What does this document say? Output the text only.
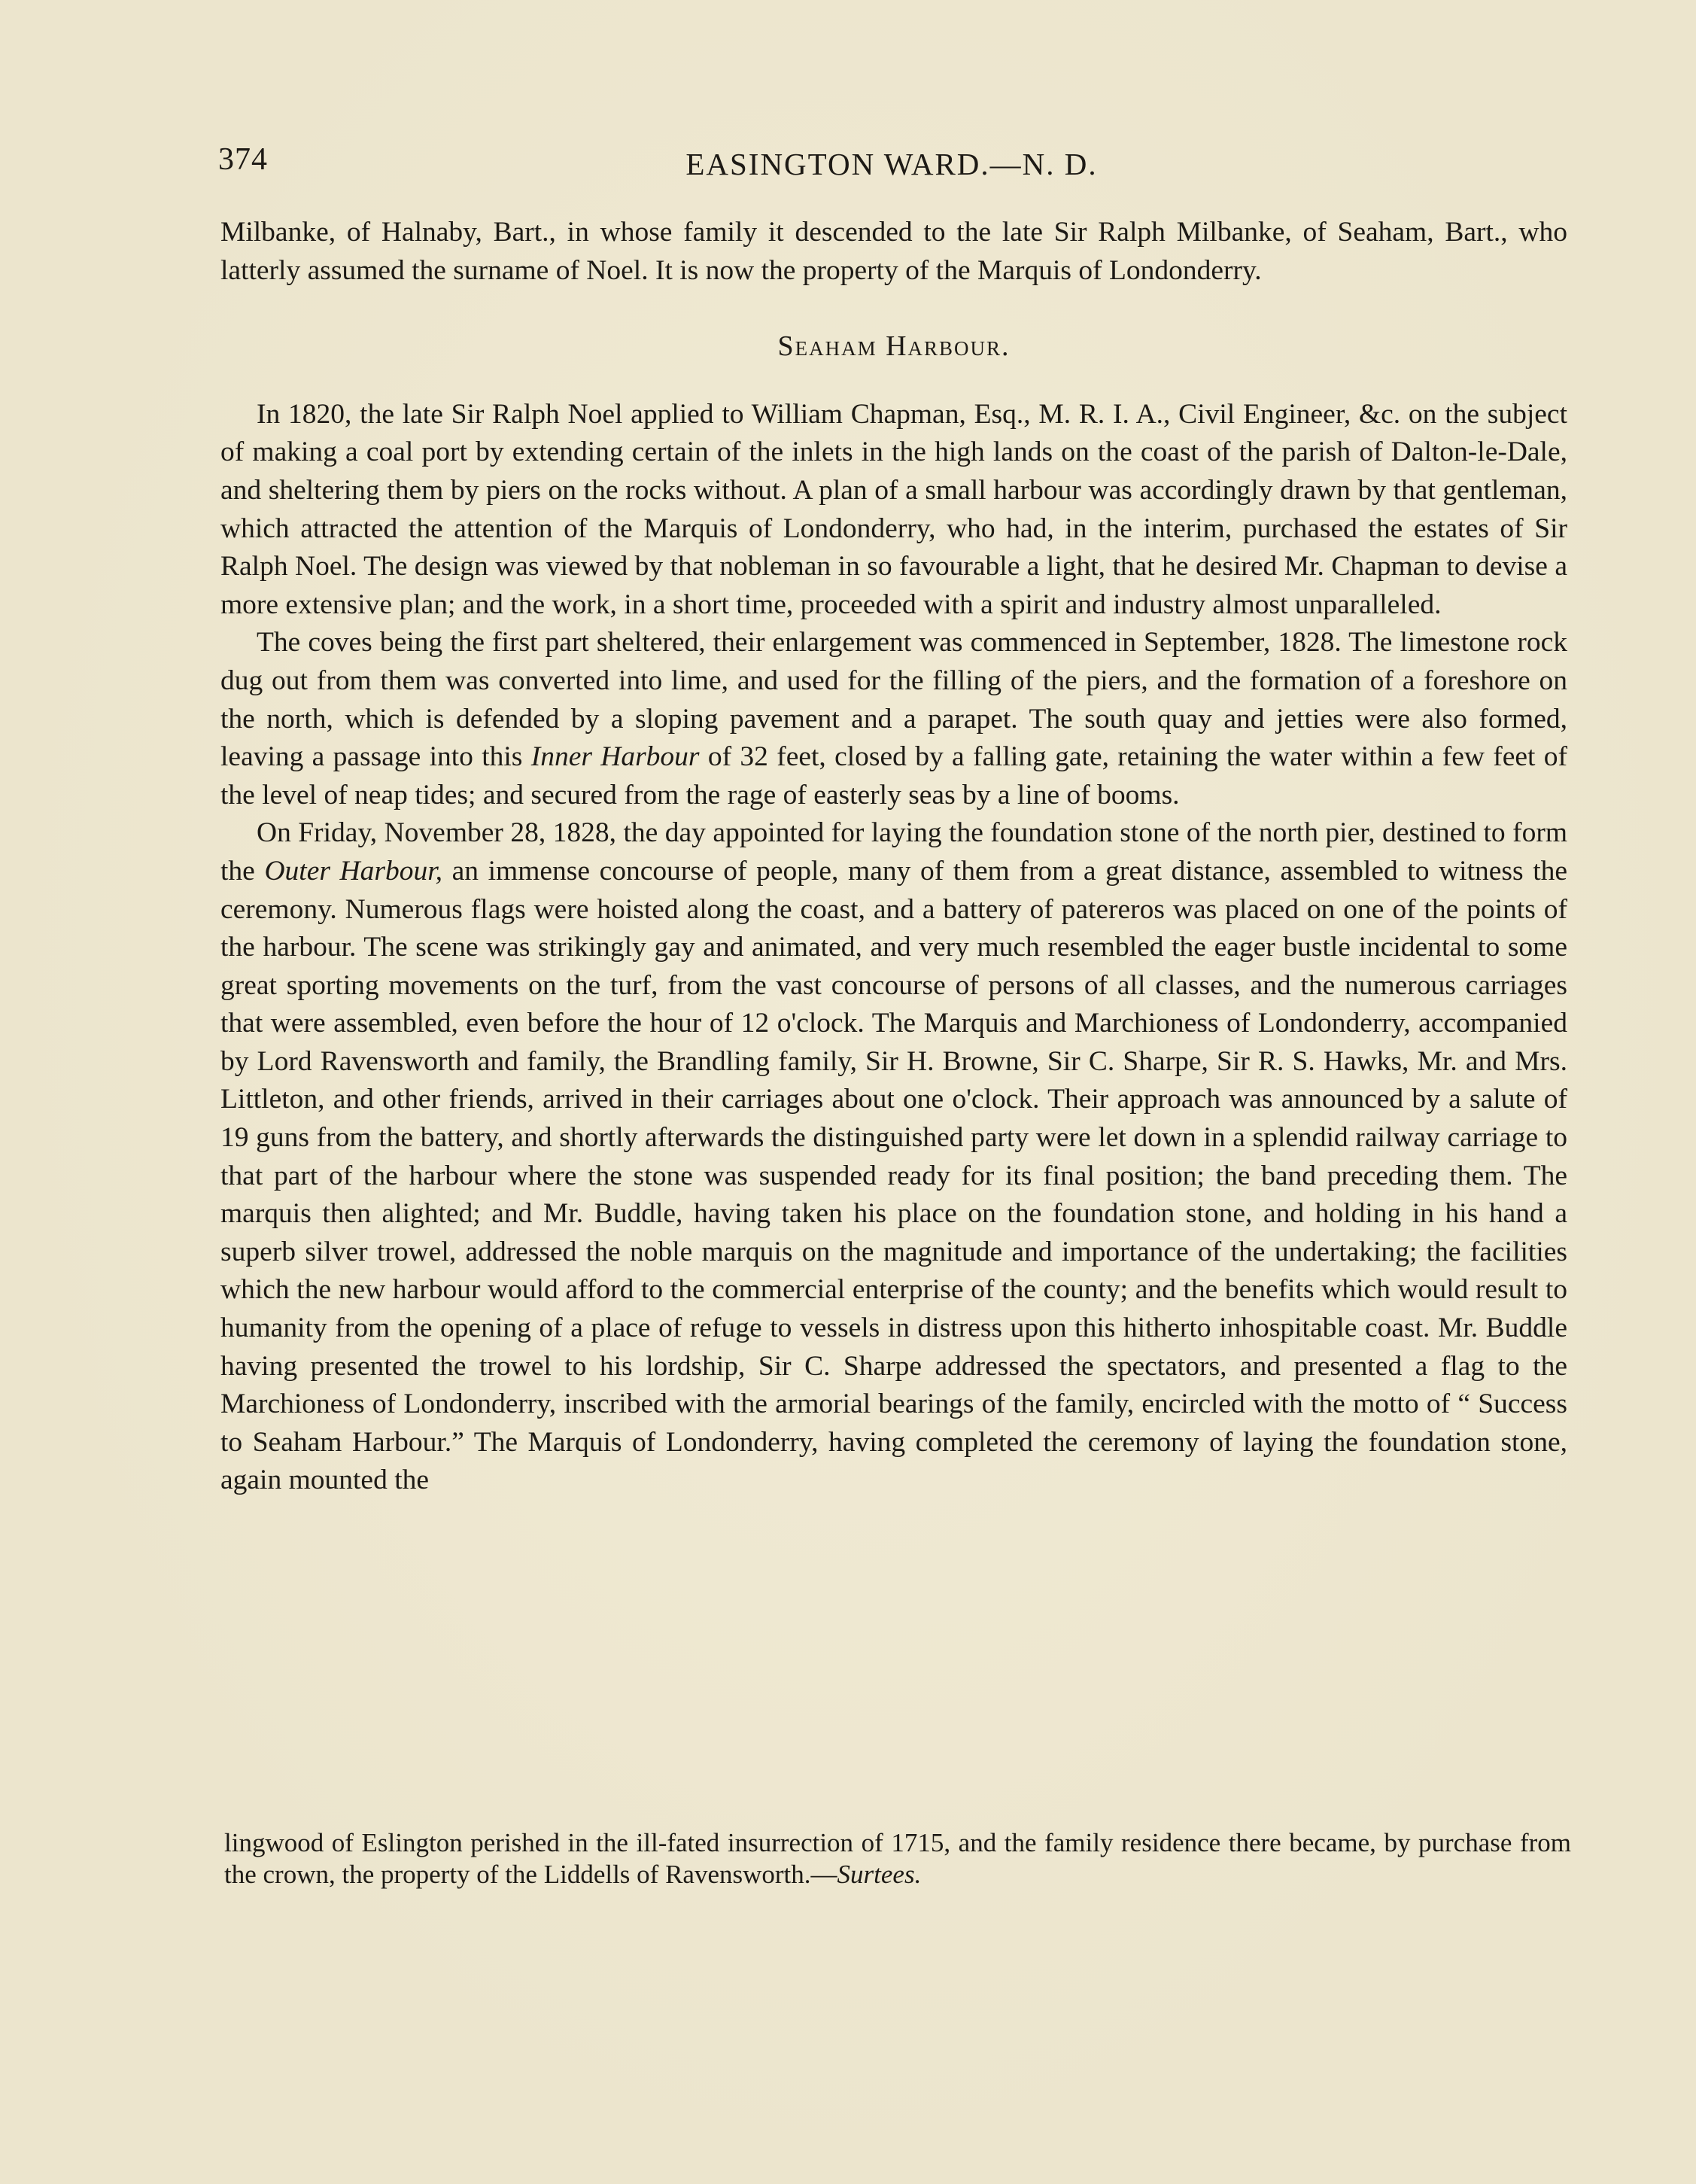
374	EASINGTON WARD.—N. D.

Milbanke, of Halnaby, Bart., in whose family it descended to the late Sir Ralph Milbanke, of Seaham, Bart., who latterly assumed the surname of Noel. It is now the property of the Marquis of Londonderry.

Seaham Harbour.

In 1820, the late Sir Ralph Noel applied to William Chapman, Esq., M. R. I. A., Civil Engineer, &c. on the subject of making a coal port by extending certain of the inlets in the high lands on the coast of the parish of Dalton-le-Dale, and sheltering them by piers on the rocks without. A plan of a small harbour was accordingly drawn by that gentleman, which attracted the attention of the Marquis of Londonderry, who had, in the interim, purchased the estates of Sir Ralph Noel. The design was viewed by that nobleman in so favourable a light, that he desired Mr. Chapman to devise a more extensive plan; and the work, in a short time, proceeded with a spirit and industry almost unparalleled.

The coves being the first part sheltered, their enlargement was commenced in September, 1828. The limestone rock dug out from them was converted into lime, and used for the filling of the piers, and the formation of a foreshore on the north, which is defended by a sloping pavement and a parapet. The south quay and jetties were also formed, leaving a passage into this Inner Harbour of 32 feet, closed by a falling gate, retaining the water within a few feet of the level of neap tides; and secured from the rage of easterly seas by a line of booms.

On Friday, November 28, 1828, the day appointed for laying the foundation stone of the north pier, destined to form the Outer Harbour, an immense concourse of people, many of them from a great distance, assembled to witness the ceremony. Numerous flags were hoisted along the coast, and a battery of patereros was placed on one of the points of the harbour. The scene was strikingly gay and animated, and very much resembled the eager bustle incidental to some great sporting movements on the turf, from the vast concourse of persons of all classes, and the numerous carriages that were assembled, even before the hour of 12 o'clock. The Marquis and Marchioness of Londonderry, accompanied by Lord Ravensworth and family, the Brandling family, Sir H. Browne, Sir C. Sharpe, Sir R. S. Hawks, Mr. and Mrs. Littleton, and other friends, arrived in their carriages about one o'clock. Their approach was announced by a salute of 19 guns from the battery, and shortly afterwards the distinguished party were let down in a splendid railway carriage to that part of the harbour where the stone was suspended ready for its final position; the band preceding them. The marquis then alighted; and Mr. Buddle, having taken his place on the foundation stone, and holding in his hand a superb silver trowel, addressed the noble marquis on the magnitude and importance of the undertaking; the facilities which the new harbour would afford to the commercial enterprise of the county; and the benefits which would result to humanity from the opening of a place of refuge to vessels in distress upon this hitherto inhospitable coast. Mr. Buddle having presented the trowel to his lordship, Sir C. Sharpe addressed the spectators, and presented a flag to the Marchioness of Londonderry, inscribed with the armorial bearings of the family, encircled with the motto of “ Success to Seaham Harbour.” The Marquis of Londonderry, having completed the ceremony of laying the foundation stone, again mounted the

lingwood of Eslington perished in the ill-fated insurrection of 1715, and the family residence there became, by purchase from the crown, the property of the Liddells of Ravensworth.—Surtees.
